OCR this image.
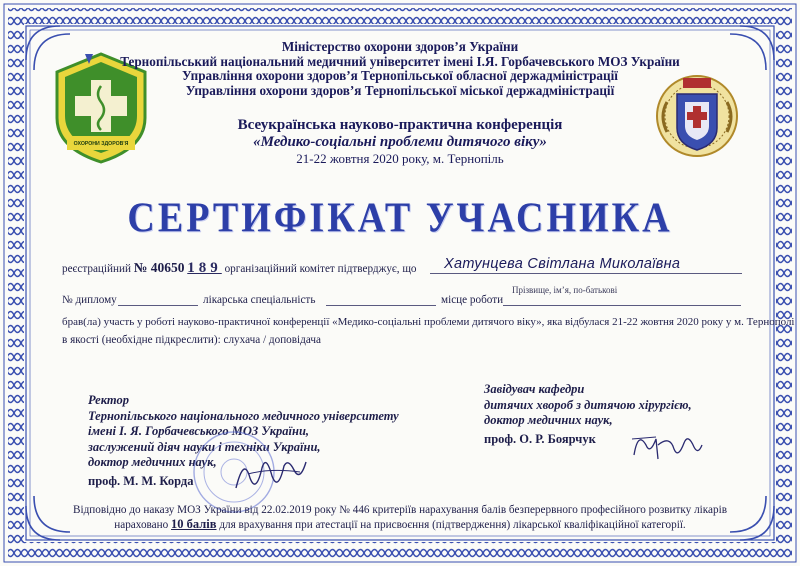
ОХОРОНИ ЗДОРОВ'Я
Міністерство охорони здоров’я України
Тернопільський національний медичний університет імені І.Я. Горбачевського МОЗ України
Управління охорони здоров’я Тернопільської обласної держадміністрації
Управління охорони здоров’я Тернопільської міської держадміністрації
Всеукраїнська науково-практична конференція
«Медико-соціальні проблеми дитячого віку»
21-22 жовтня 2020 року, м. Тернопіль
СЕРТИФІКАТ УЧАСНИКА
реєстраційний № 40650 189 організаційний комітет підтверджує, що Хатунцева Світлана Миколаївна
Прізвище, ім’я, по-батькові
№ диплому	лікарська спеціальність	місце роботи
брав(ла) участь у роботі науково-практичної конференції «Медико-соціальні проблеми дитячого віку», яка відбулася 21-22 жовтня 2020 року у м. Тернополі
в якості (необхідне підкреслити): слухача / доповідача
Ректор
Тернопільського національного медичного університету
імені І. Я. Горбачевського МОЗ України,
заслужений діяч науки і техніки України,
доктор медичних наук,
проф. М. М. Корда
Завідувач кафедри
дитячих хвороб з дитячою хірургією,
доктор медичних наук,
проф. О. Р. Боярчук
Відповідно до наказу МОЗ України від 22.02.2019 року № 446 критеріїв нарахування балів безперервного професійного розвитку лікарів
нараховано 10 балів для врахування при атестації на присвоєння (підтвердження) лікарської кваліфікаційної категорії.
